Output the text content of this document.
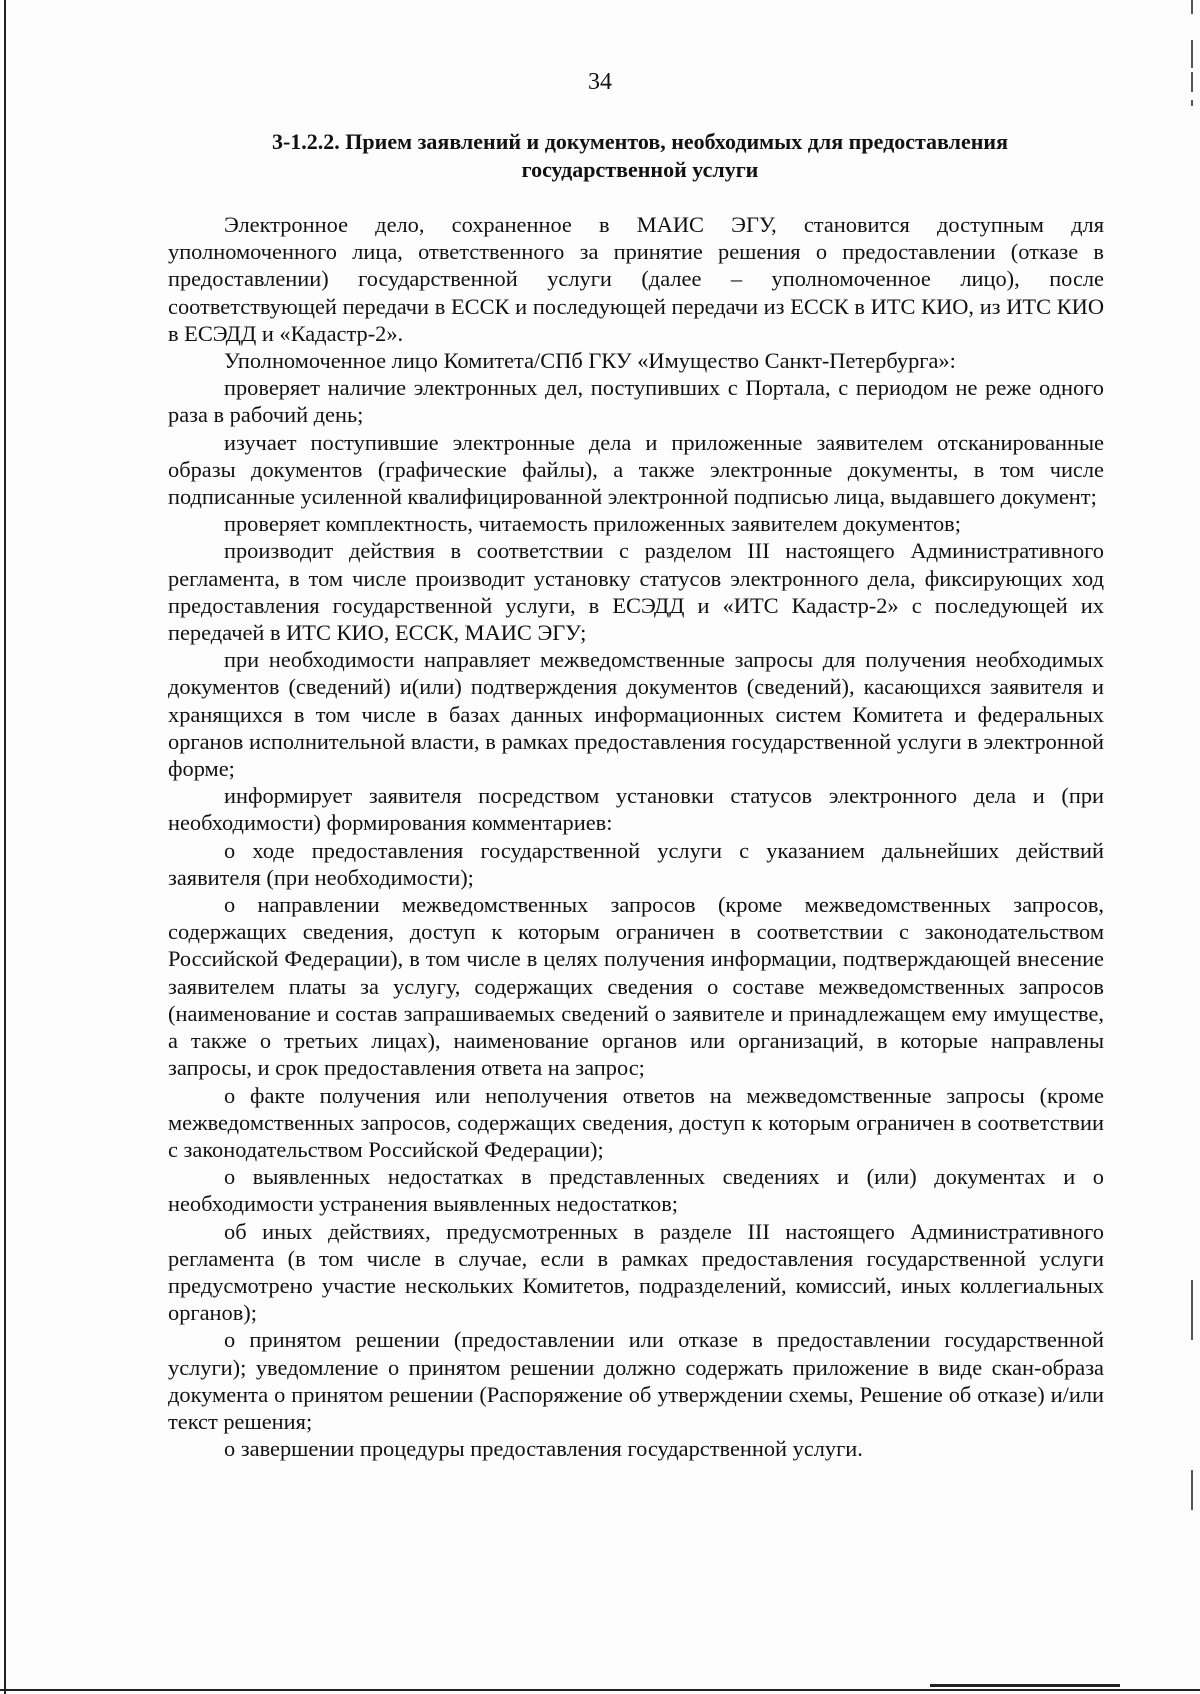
34
3-1.2.2. Прием заявлений и документов, необходимых для предоставления государственной услуги

Электронное дело, сохраненное в МАИС ЭГУ, становится доступным для уполномоченного лица, ответственного за принятие решения о предоставлении (отказе в предоставлении) государственной услуги (далее – уполномоченное лицо), после соответствующей передачи в ЕССК и последующей передачи из ЕССК в ИТС КИО, из ИТС КИО в ЕСЭДД и «Кадастр-2».

Уполномоченное лицо Комитета/СПб ГКУ «Имущество Санкт-Петербурга»:

проверяет наличие электронных дел, поступивших с Портала, с периодом не реже одного раза в рабочий день;

изучает поступившие электронные дела и приложенные заявителем отсканированные образы документов (графические файлы), а также электронные документы, в том числе подписанные усиленной квалифицированной электронной подписью лица, выдавшего документ;

проверяет комплектность, читаемость приложенных заявителем документов;

производит действия в соответствии с разделом III настоящего Административного регламента, в том числе производит установку статусов электронного дела, фиксирующих ход предоставления государственной услуги, в ЕСЭДД и «ИТС Кадастр-2» с последующей их передачей в ИТС КИО, ЕССК, МАИС ЭГУ;

при необходимости направляет межведомственные запросы для получения необходимых документов (сведений) и(или) подтверждения документов (сведений), касающихся заявителя и хранящихся в том числе в базах данных информационных систем Комитета и федеральных органов исполнительной власти, в рамках предоставления государственной услуги в электронной форме;

информирует заявителя посредством установки статусов электронного дела и (при необходимости) формирования комментариев:

о ходе предоставления государственной услуги с указанием дальнейших действий заявителя (при необходимости);

о направлении межведомственных запросов (кроме межведомственных запросов, содержащих сведения, доступ к которым ограничен в соответствии с законодательством Российской Федерации), в том числе в целях получения информации, подтверждающей внесение заявителем платы за услугу, содержащих сведения о составе межведомственных запросов (наименование и состав запрашиваемых сведений о заявителе и принадлежащем ему имуществе, а также о третьих лицах), наименование органов или организаций, в которые направлены запросы, и срок предоставления ответа на запрос;

о факте получения или неполучения ответов на межведомственные запросы (кроме межведомственных запросов, содержащих сведения, доступ к которым ограничен в соответствии с законодательством Российской Федерации);

о выявленных недостатках в представленных сведениях и (или) документах и о необходимости устранения выявленных недостатков;

об иных действиях, предусмотренных в разделе III настоящего Административного регламента (в том числе в случае, если в рамках предоставления государственной услуги предусмотрено участие нескольких Комитетов, подразделений, комиссий, иных коллегиальных органов);

о принятом решении (предоставлении или отказе в предоставлении государственной услуги); уведомление о принятом решении должно содержать приложение в виде скан-образа документа о принятом решении (Распоряжение об утверждении схемы, Решение об отказе) и/или текст решения;

о завершении процедуры предоставления государственной услуги.
